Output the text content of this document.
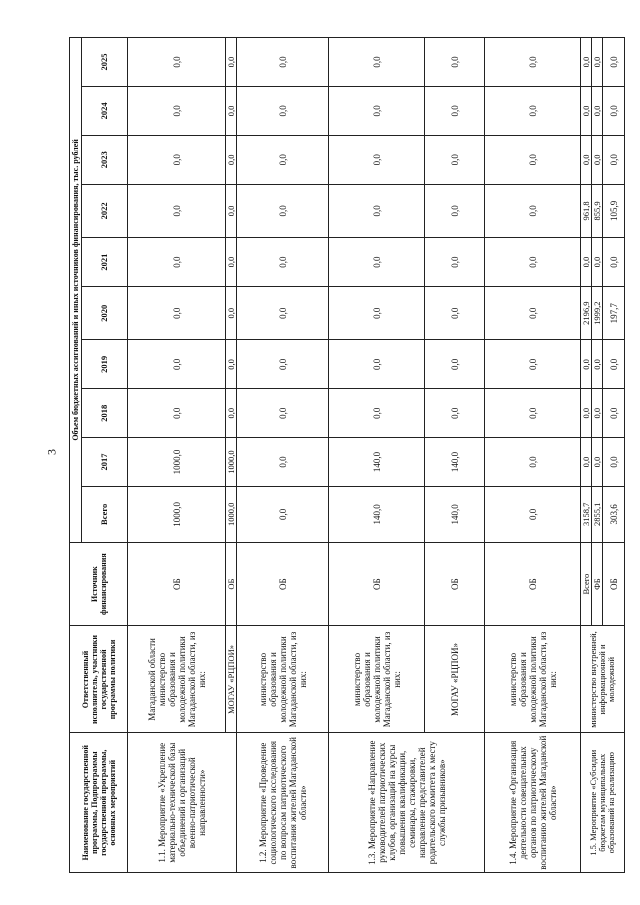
3
Наименование государственной программы, Подпрограммы государственной программы, основных мероприятий	Ответственный исполнитель, участники государственной программы политики	Источник финансирования	Объем бюджетных ассигнований и иных источников финансирования, тыс. рублей									
			Всего	2017	2018	2019	2020	2021	2022	2023	2024	2025
1.1. Мероприятие «Укрепление материально-технической базы объединений и организаций военно-патриотической направленности»	Магаданской области министерство образования и молодежной политики Магаданской области, из них:	ОБ	1000,0	1000,0	0,0	0,0	0,0	0,0	0,0	0,0	0,0	0,0
	МОГАУ «РЦПОИ»	ОБ	1000,0	1000,0	0,0	0,0	0,0	0,0	0,0	0,0	0,0	0,0
1.2. Мероприятие «Проведение социологического исследования по вопросам патриотического воспитания жителей Магаданской области»	министерство образования и молодежной политики Магаданской области, из них:	ОБ	0,0	0,0	0,0	0,0	0,0	0,0	0,0	0,0	0,0	0,0
1.3. Мероприятие «Направление руководителей патриотических клубов, организаций на курсы повышения квалификации, семинары, стажировки, направление представителей родительского комитета к месту службы призывников»	министерство образования и молодежной политики Магаданской области, из них:	ОБ	140,0	140,0	0,0	0,0	0,0	0,0	0,0	0,0	0,0	0,0
	МОГАУ «РЦПОИ»	ОБ	140,0	140,0	0,0	0,0	0,0	0,0	0,0	0,0	0,0	0,0
1.4. Мероприятие «Организация деятельности совещательных органов по патриотическому воспитанию жителей Магаданской области»	министерство образования и молодежной политики Магаданской области, из них:	ОБ	0,0	0,0	0,0	0,0	0,0	0,0	0,0	0,0	0,0	0,0
1.5. Мероприятие «Субсидии бюджетам муниципальных образований на реализацию	министерство внутренней, информационной и молодежной	Всего	3158,7	0,0	0,0	0,0	2196,9	0,0	961,8	0,0	0,0	0,0
		ФБ	2855,1	0,0	0,0	0,0	1999,2	0,0	855,9	0,0	0,0	0,0
		ОБ	303,6	0,0	0,0	0,0	197,7	0,0	105,9	0,0	0,0	0,0
